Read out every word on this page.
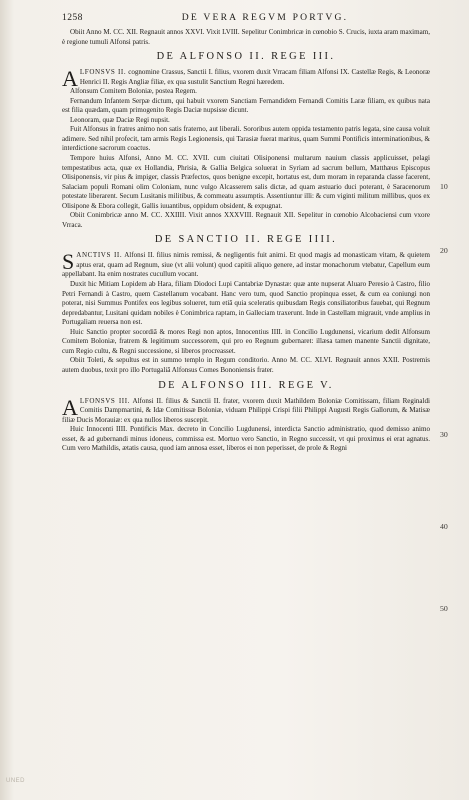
1258	DE VERA REGVM PORTVG.

Obiit Anno M. CC. XII. Regnauit annos XXVI. Vixit LVIII. Sepelitur Conimbricæ in cœnobio S. Crucis, iuxta aram maximam, è regione tumuli Alfonsi patris.

DE ALFONSO II. REGE III.

ALFONSVS II. cognomine Crassus, Sanctii I. filius, vxorem duxit Vrracam filiam Alfonsi IX. Castellæ Regis, & Leonoræ Henrici II. Regis Angliæ filiæ, ex qua sustulit Sanctium Regni hæredem.

Alfonsum Comitem Boloniæ, postea Regem.

Fernandum Infantem Serpæ dictum, qui habuit vxorem Sanctiam Fernandidem Fernandi Comitis Laræ filiam, ex quibus nata est filia quædam, quam primogenito Regis Daciæ nupsisse dicunt.

Leonoram, quæ Daciæ Regi nupsit.

Fuit Alfonsus in fratres animo non satis fraterno, aut liberali. Sororibus autem oppida testamento patris legata, sine causa voluit adimere. Sed nihil profecit, tam armis Regis Legionensis, qui Tarasiæ fuerat maritus, quam Summi Pontificis interminationibus, & interdictione sacrorum coactus.

Tempore huius Alfonsi, Anno M. CC. XVII. cum ciuitati Olisiponensi multarum nauium classis applicuisset, pelagi tempestatibus acta, quæ ex Hollandia, Phrisia, & Gallia Belgica soluerat in Syriam ad sacrum bellum, Matthæus Episcopus Olisiponensis, vir pius & impiger, classis Præfectos, quos benigne excepit, hortatus est, dum moram in reparanda classe facerent, Salaciam populi Romani olim Coloniam, nunc vulgo Alcasserem salis dictæ, ad quam æstuario duci poterant, è Saracenorum potestate liberarent. Secum Lusitanis militibus, & commeatu assumptis. Assentiuntur illi: & cum viginti militum millibus, quos ex Olisipone & Ebora collegit, Gallis iuuantibus, oppidum obsident, & expugnat.

Obiit Conimbricæ anno M. CC. XXIIII. Vixit annos XXXVIII. Regnauit XII. Sepelitur in cœnobio Alcobaciensi cum vxore Vrraca.

DE SANCTIO II. REGE IIII.

SANCTIVS II. Alfonsi II. filius nimis remissi, & negligentis fuit animi. Et quod magis ad monasticam vitam, & quietem aptus erat, quam ad Regnum, siue (vt alii volunt) quod capitii aliquo genere, ad instar monachorum vtebatur, Capellum eum appellabant. Ita enim nostrates cucullum vocant.

Duxit hic Mitiam Lopidem ab Hara, filiam Diodoci Lupi Cantabriæ Dynastæ: quæ ante nupserat Aluaro Peresio à Castro, filio Petri Fernandi à Castro, quem Castellanum vocabant. Hanc vero tum, quod Sanctio propinqua esset, & cum ea coniungi non poterat, nisi Summus Pontifex eos legibus solueret, tum etiā quia sceleratis quibusdam Regis consiliatoribus fauebat, qui Regnum depredabantur, Lusitani quidam nobiles è Conimbrica raptam, in Galleciam traxerunt. Inde in Castellam migrauit, vnde amplius in Portugaliam reuersa non est.

Huic Sanctio propter socordiā & mores Regi non aptos, Innocentius IIII. in Concilio Lugdunensi, vicarium dedit Alfonsum Comitem Boloniæ, fratrem & legitimum successorem, qui pro eo Regnum gubernaret: illæsa tamen manente Sanctii dignitate, cum Regio cultu, & Regni successione, si liberos procreasset.

Obiit Toleti, & sepultus est in summo templo in Regum conditorio. Anno M. CC. XLVI. Regnauit annos XXII. Postremis autem duobus, texit pro illo Portugaliā Alfonsus Comes Bononiensis frater.

DE ALFONSO III. REGE V.

ALFONSVS III. Alfonsi II. filius & Sanctii II. frater, vxorem duxit Mathildem Boloniæ Comitissam, filiam Reginaldi Comitis Dampmartini, & Idæ Comitissæ Boloniæ, viduam Philippi Crispi filii Philippi Augusti Regis Gallorum, & Matisæ filiæ Ducis Morauiæ: ex qua nullos liberos suscepit.

Huic Innocenti IIII. Pontificis Max. decreto in Concilio Lugdunensi, interdicta Sanctio administratio, quod demisso animo esset, & ad gubernandi minus idoneus, commissa est. Mortuo vero Sanctio, in Regno successit, vt qui proximus ei erat agnatus. Cum vero Mathildis, ætatis causa, quod iam annosa esset, liberos ei non peperisset, de prole & Regni

10
20
30
40
50
UNED
